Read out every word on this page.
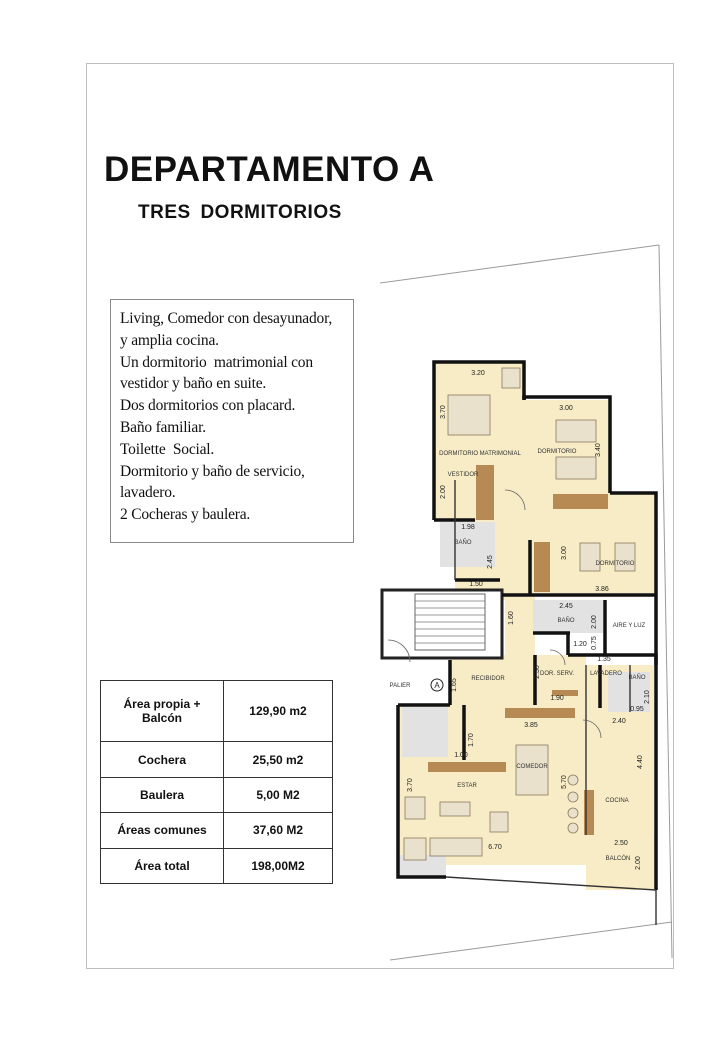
DEPARTAMENTO A
TRES DORMITORIOS
Living, Comedor con desayunador,
y amplia cocina.
Un dormitorio  matrimonial con
vestidor y baño en suite.
Dos dormitorios con placard.
Baño familiar.
Toilette  Social.
Dormitorio y baño de servicio,
lavadero.
2 Cocheras y baulera.
Área propia + Balcón	129,90 m2
Cochera	25,50 m2
Baulera	5,00 M2
Áreas comunes	37,60 M2
Área total	198,00M2
DORMITORIO MATRIMONIAL
VESTIDOR
DORMITORIO
DORMITORIO
BAÑO
BAÑO
AIRE Y LUZ
DOR. SERV.	LAVADERO
BAÑO
RECIBIDOR
PALIER
COMEDOR
ESTAR
COCINA
BALCÓN
A
3.20
3.70	3.00
3.40
2.00
1.98
2.45
1.50
3.00
3.86
2.45
1.60
1.20
2.00
0.75
1.35
2.30
1.90
1.65
1.00
1.70
0.95
2.10
2.40
3.85
5.70
3.70
4.40
6.70
2.50
2.00
